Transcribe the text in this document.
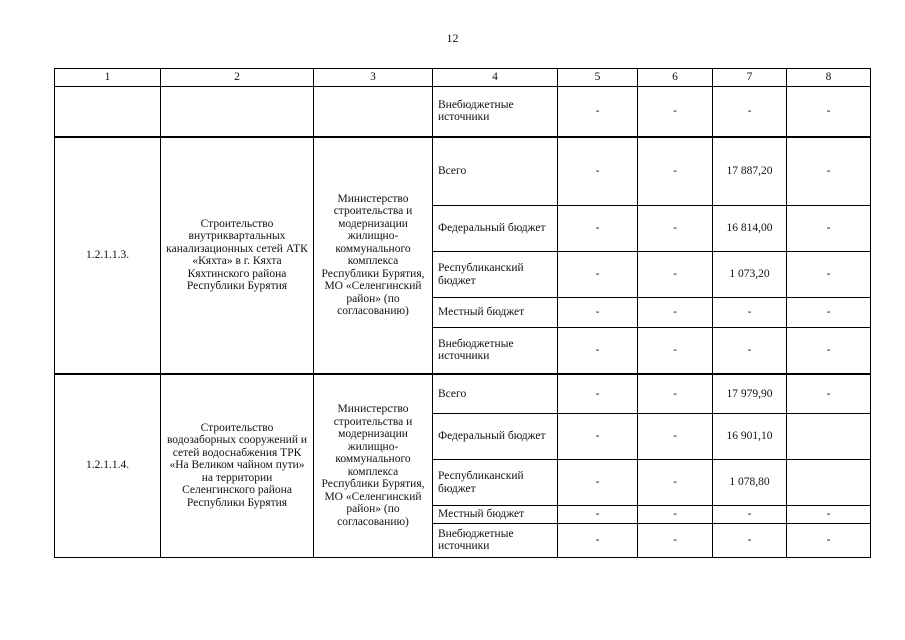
12
1	2	3	4	5	6	7	8
			Внебюджетные источники	-	-	-	-
1.2.1.1.3.	Строительство внутриквартальных канализационных сетей АТК «Кяхта» в г. Кяхта Кяхтинского района Республики Бурятия	Министерство строительства и модернизации жилищно-коммунального комплекса Республики Бурятия, МО «Селенгинский район» (по согласованию)	Всего	-	-	17 887,20	-
			Федеральный бюджет	-	-	16 814,00	-
			Республиканский бюджет	-	-	1 073,20	-
			Местный бюджет	-	-	-	-
			Внебюджетные источники	-	-	-	-
1.2.1.1.4.	Строительство водозаборных сооружений и сетей водоснабжения ТРК «На Великом чайном пути» на территории Селенгинского района Республики Бурятия	Министерство строительства и модернизации жилищно-коммунального комплекса Республики Бурятия, МО «Селенгинский район» (по согласованию)	Всего	-	-	17 979,90	-
			Федеральный бюджет	-	-	16 901,10	
			Республиканский бюджет	-	-	1 078,80	
			Местный бюджет	-	-	-	-
			Внебюджетные источники	-	-	-	-
